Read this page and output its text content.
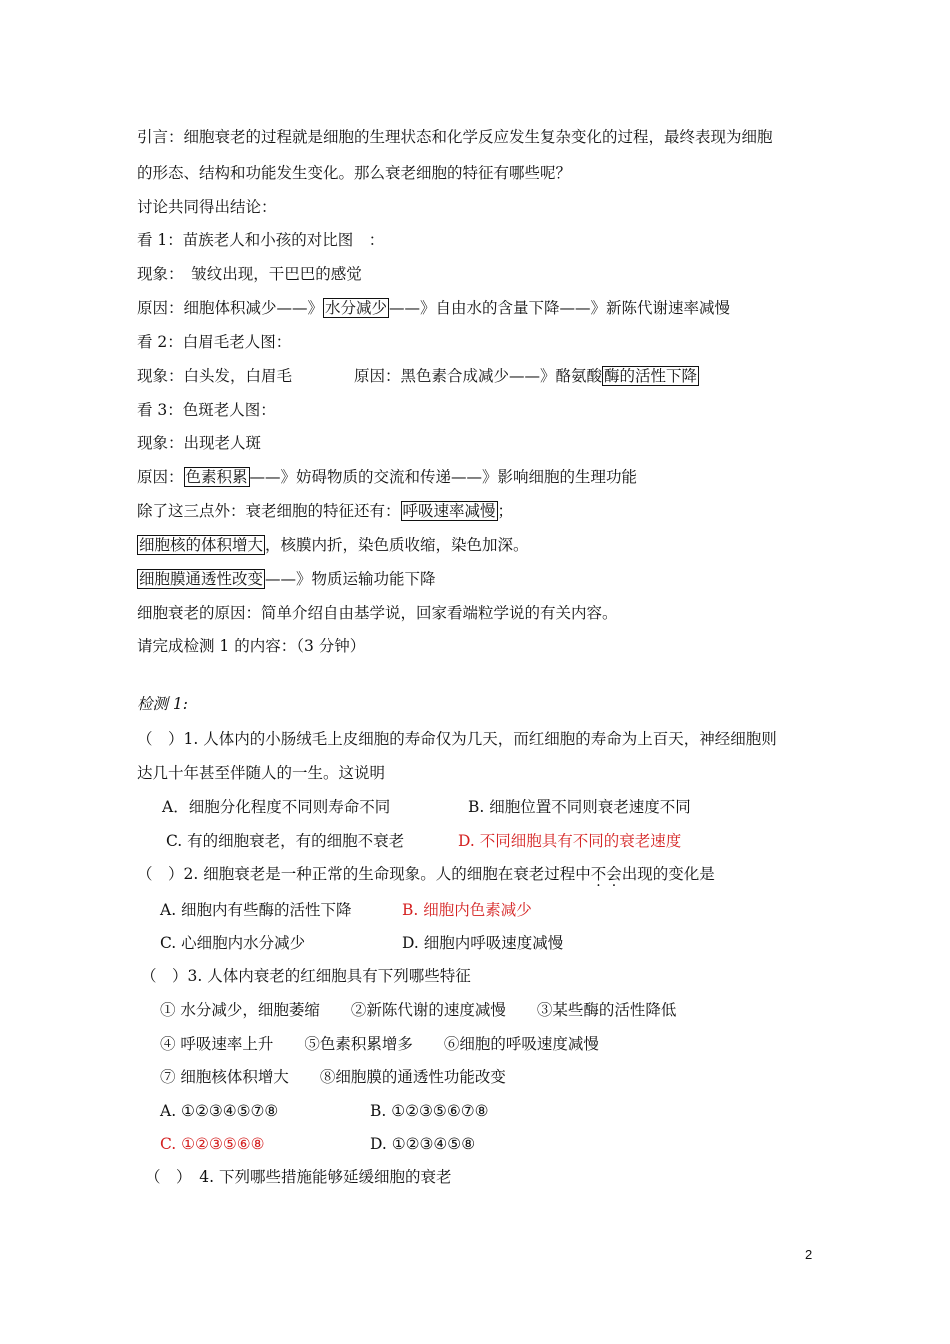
引言：细胞衰老的过程就是细胞的生理状态和化学反应发生复杂变化的过程，最终表现为细胞
的形态、结构和功能发生变化。那么衰老细胞的特征有哪些呢？
讨论共同得出结论：
看 1：苗族老人和小孩的对比图　：
现象：　皱纹出现，干巴巴的感觉
原因：细胞体积减少——》 水分减少 ——》自由水的含量下降——》新陈代谢速率减慢
看 2：白眉毛老人图：
现象：白头发，白眉毛　　　　原因：黑色素合成减少——》酪氨酸 酶的活性下降
看 3：色斑老人图：
现象：出现老人斑
原因： 色素积累 ——》妨碍物质的交流和传递——》影响细胞的生理功能
除了这三点外：衰老细胞的特征还有： 呼吸速率减慢 ；
细胞核的体积增大 ，核膜内折，染色质收缩，染色加深。
细胞膜通透性改变 ——》物质运输功能下降
细胞衰老的原因：简单介绍自由基学说，回家看端粒学说的有关内容。
请完成检测 1 的内容：（3 分钟）
检测 1:
（　）1. 人体内的小肠绒毛上皮细胞的寿命仅为几天，而红细胞的寿命为上百天，神经细胞则
达几十年甚至伴随人的一生。这说明
A．细胞分化程度不同则寿命不同	B. 细胞位置不同则衰老速度不同
C. 有的细胞衰老，有的细胞不衰老	D. 不同细胞具有不同的衰老速度
（　）2. 细胞衰老是一种正常的生命现象。人的细胞在衰老过程中不会出现的变化是
A. 细胞内有些酶的活性下降	B. 细胞内色素减少
C. 心细胞内水分减少	D. 细胞内呼吸速度减慢
（　）3. 人体内衰老的红细胞具有下列哪些特征
① 水分减少，细胞萎缩　　②新陈代谢的速度减慢　　③某些酶的活性降低
④ 呼吸速率上升　　⑤色素积累增多　　⑥细胞的呼吸速度减慢
⑦ 细胞核体积增大　　⑧细胞膜的通透性功能改变
A. ①②③④⑤⑦⑧	B. ①②③⑤⑥⑦⑧
C. ①②③⑤⑥⑧	D. ①②③④⑤⑧
（　）　4. 下列哪些措施能够延缓细胞的衰老
2
